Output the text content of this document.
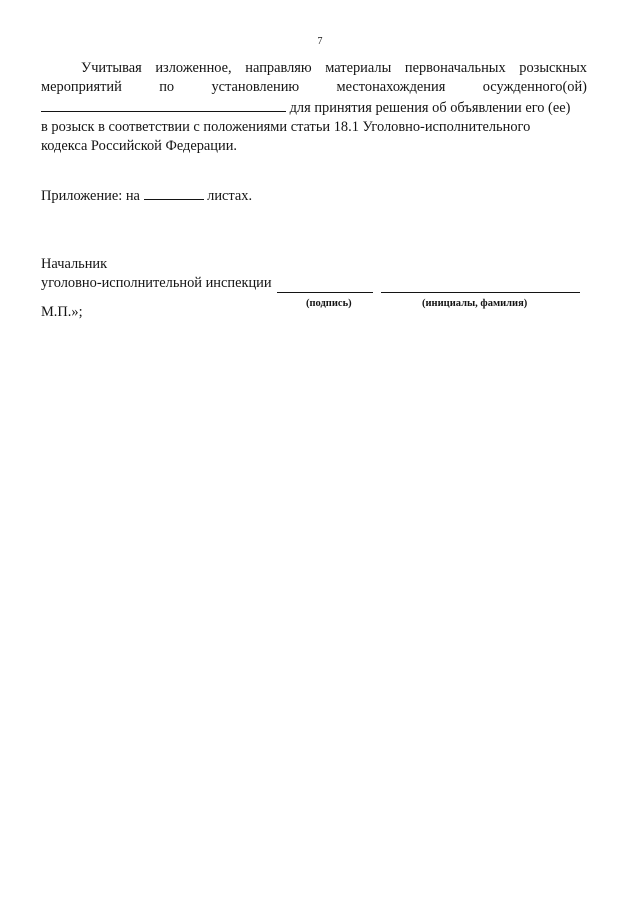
7
Учитывая изложенное, направляю материалы первоначальных розыскных
мероприятий	по	установлению	местонахождения	осужденного(ой)
для принятия решения об объявлении его (ее)
в розыск в соответствии с положениями статьи 18.1 Уголовно-исполнительного
кодекса Российской Федерации.
Приложение: на	листах.
Начальник
уголовно-исполнительной инспекции
(подпись)	(инициалы, фамилия)
М.П.»;
